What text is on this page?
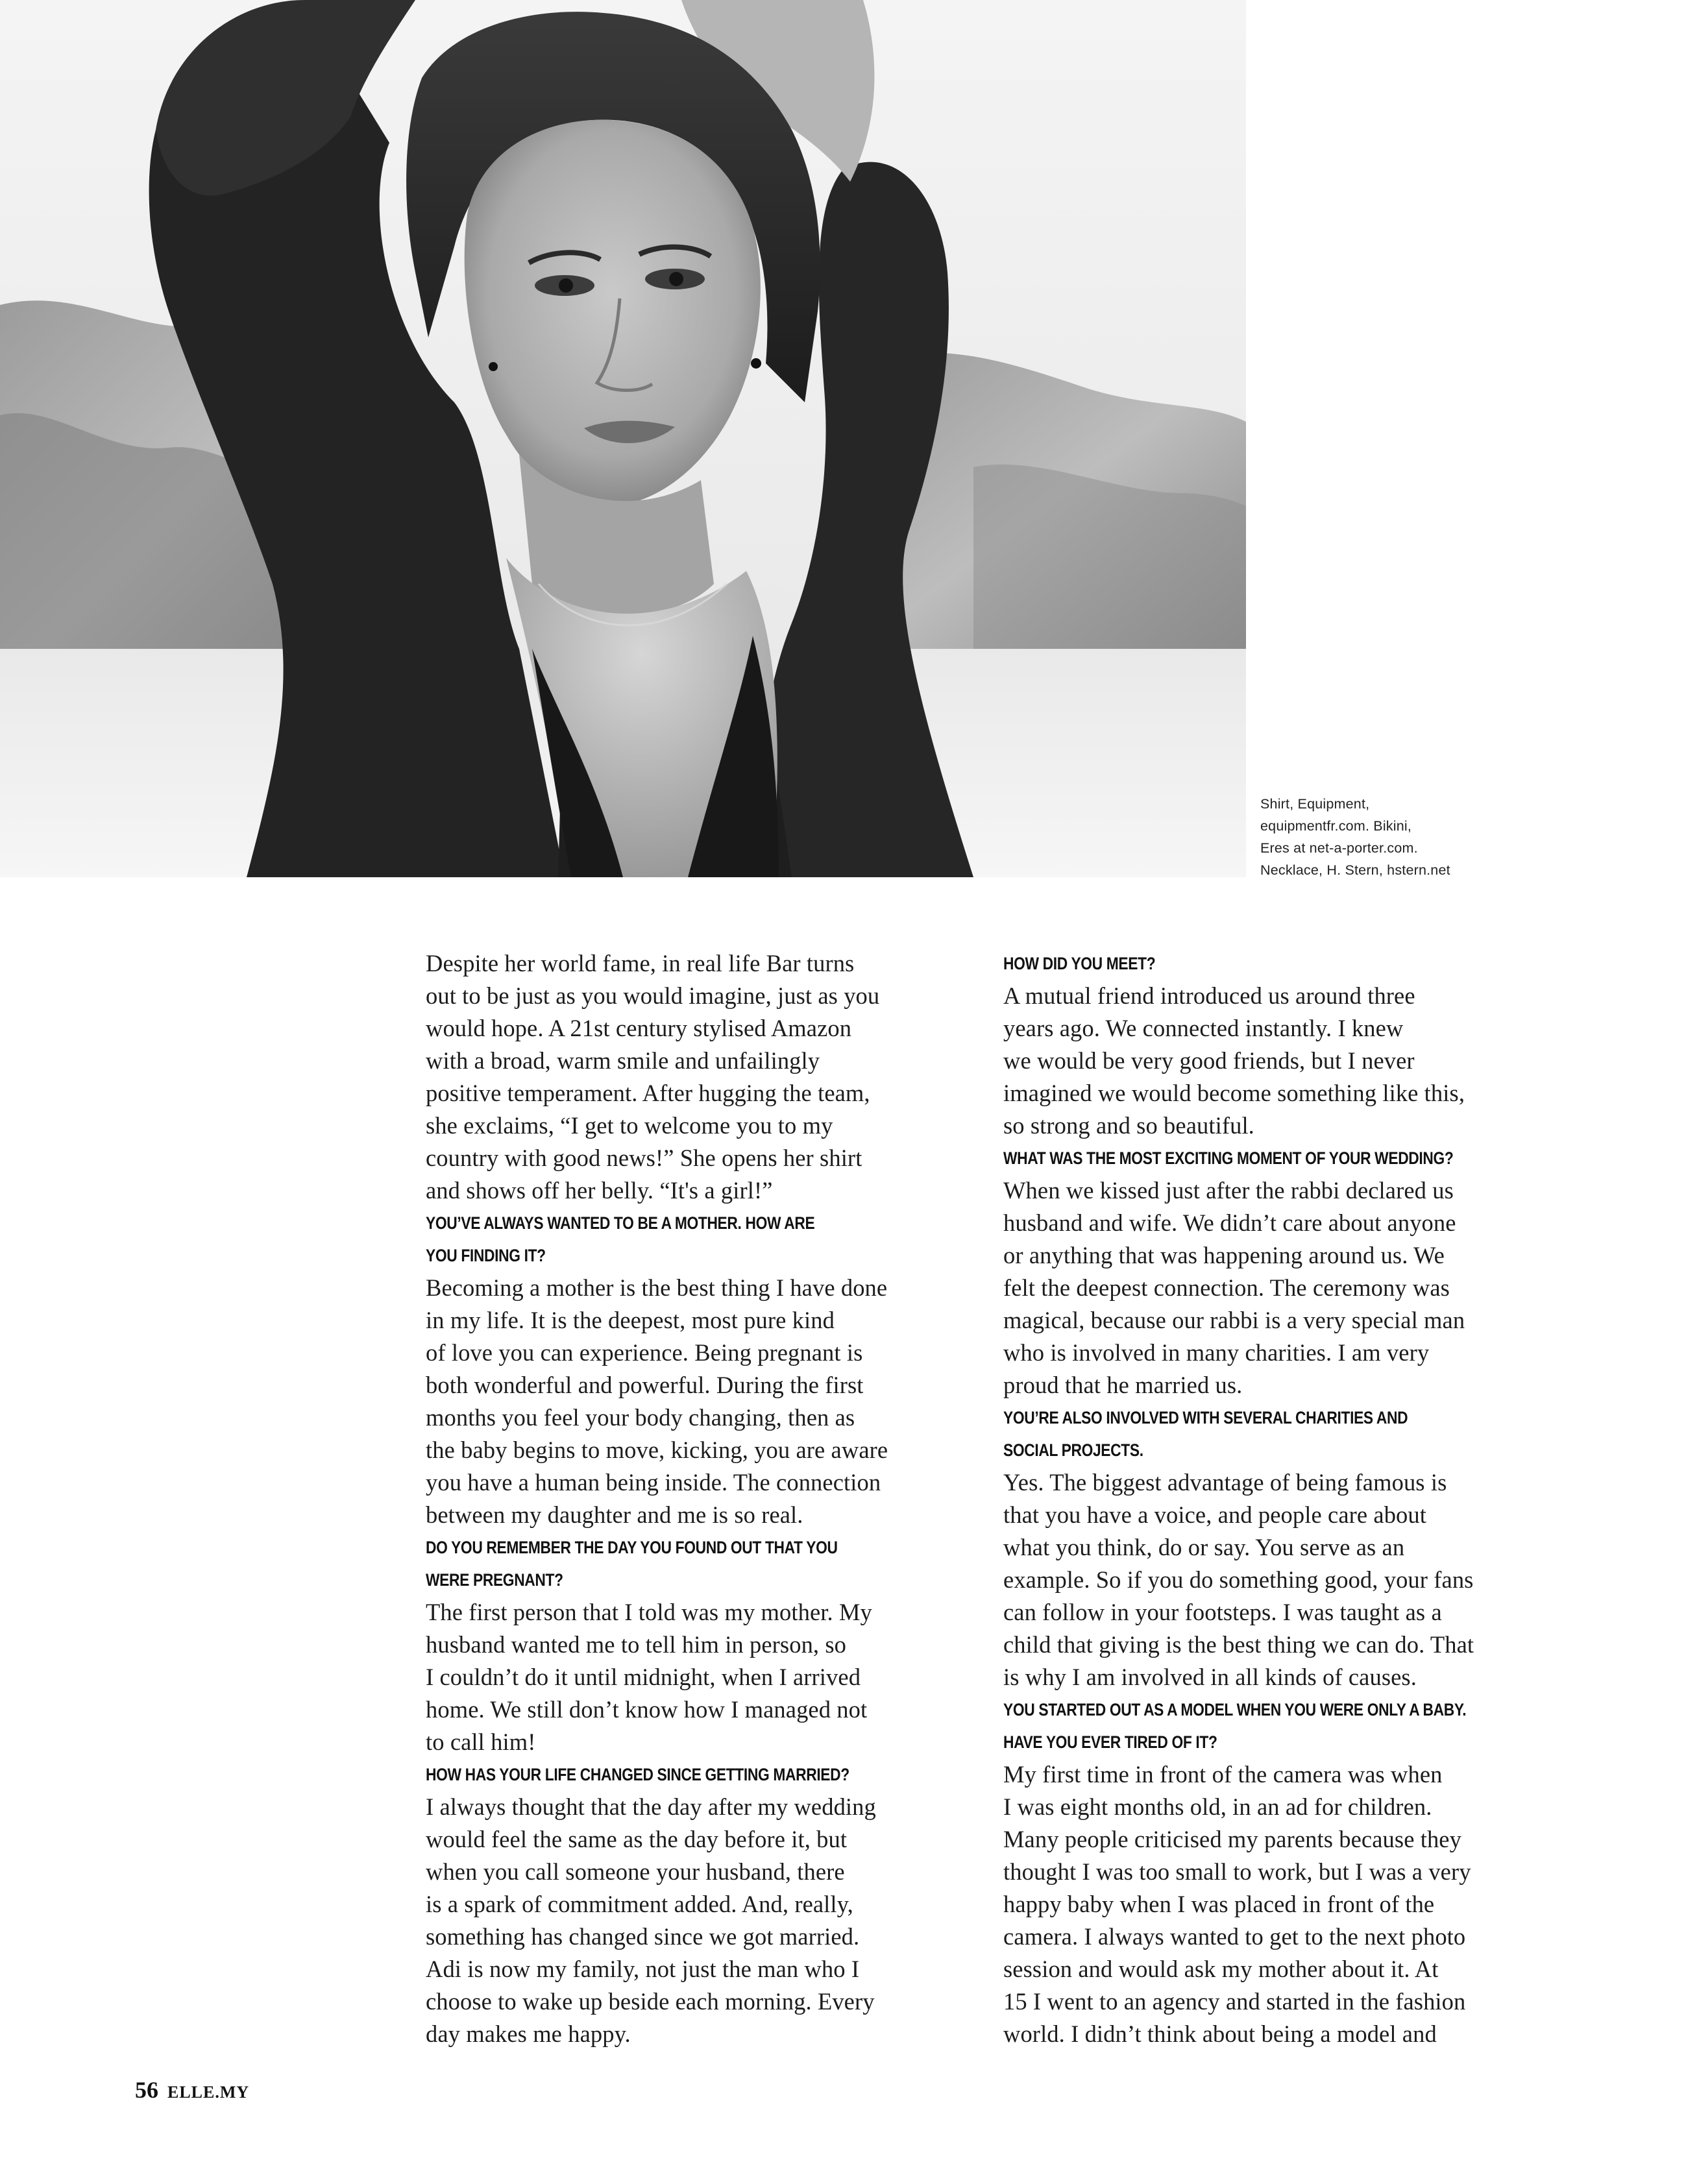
Shirt, Equipment,
equipmentfr.com. Bikini,
Eres at net-a-porter.com.
Necklace, H. Stern, hstern.net
Despite her world fame, in real life Bar turns
out to be just as you would imagine, just as you
would hope. A 21st century stylised Amazon
with a broad, warm smile and unfailingly
positive temperament. After hugging the team,
she exclaims, “I get to welcome you to my
country with good news!” She opens her shirt
and shows off her belly. “It's a girl!”
YOU’VE ALWAYS WANTED TO BE A MOTHER. HOW ARE
YOU FINDING IT?
Becoming a mother is the best thing I have done
in my life. It is the deepest, most pure kind
of love you can experience. Being pregnant is
both wonderful and powerful. During the first
months you feel your body changing, then as
the baby begins to move, kicking, you are aware
you have a human being inside. The connection
between my daughter and me is so real.
DO YOU REMEMBER THE DAY YOU FOUND OUT THAT YOU
WERE PREGNANT?
The first person that I told was my mother. My
husband wanted me to tell him in person, so
I couldn’t do it until midnight, when I arrived
home. We still don’t know how I managed not
to call him!
HOW HAS YOUR LIFE CHANGED SINCE GETTING MARRIED?
I always thought that the day after my wedding
would feel the same as the day before it, but
when you call someone your husband, there
is a spark of commitment added. And, really,
something has changed since we got married.
Adi is now my family, not just the man who I
choose to wake up beside each morning. Every
day makes me happy.
HOW DID YOU MEET?
A mutual friend introduced us around three
years ago. We connected instantly. I knew
we would be very good friends, but I never
imagined we would become something like this,
so strong and so beautiful.
WHAT WAS THE MOST EXCITING MOMENT OF YOUR WEDDING?
When we kissed just after the rabbi declared us
husband and wife. We didn’t care about anyone
or anything that was happening around us. We
felt the deepest connection. The ceremony was
magical, because our rabbi is a very special man
who is involved in many charities. I am very
proud that he married us.
YOU’RE ALSO INVOLVED WITH SEVERAL CHARITIES AND
SOCIAL PROJECTS.
Yes. The biggest advantage of being famous is
that you have a voice, and people care about
what you think, do or say. You serve as an
example. So if you do something good, your fans
can follow in your footsteps. I was taught as a
child that giving is the best thing we can do. That
is why I am involved in all kinds of causes.
YOU STARTED OUT AS A MODEL WHEN YOU WERE ONLY A BABY.
HAVE YOU EVER TIRED OF IT?
My first time in front of the camera was when
I was eight months old, in an ad for children.
Many people criticised my parents because they
thought I was too small to work, but I was a very
happy baby when I was placed in front of the
camera. I always wanted to get to the next photo
session and would ask my mother about it. At
15 I went to an agency and started in the fashion
world. I didn’t think about being a model and
56 ELLE.MY
